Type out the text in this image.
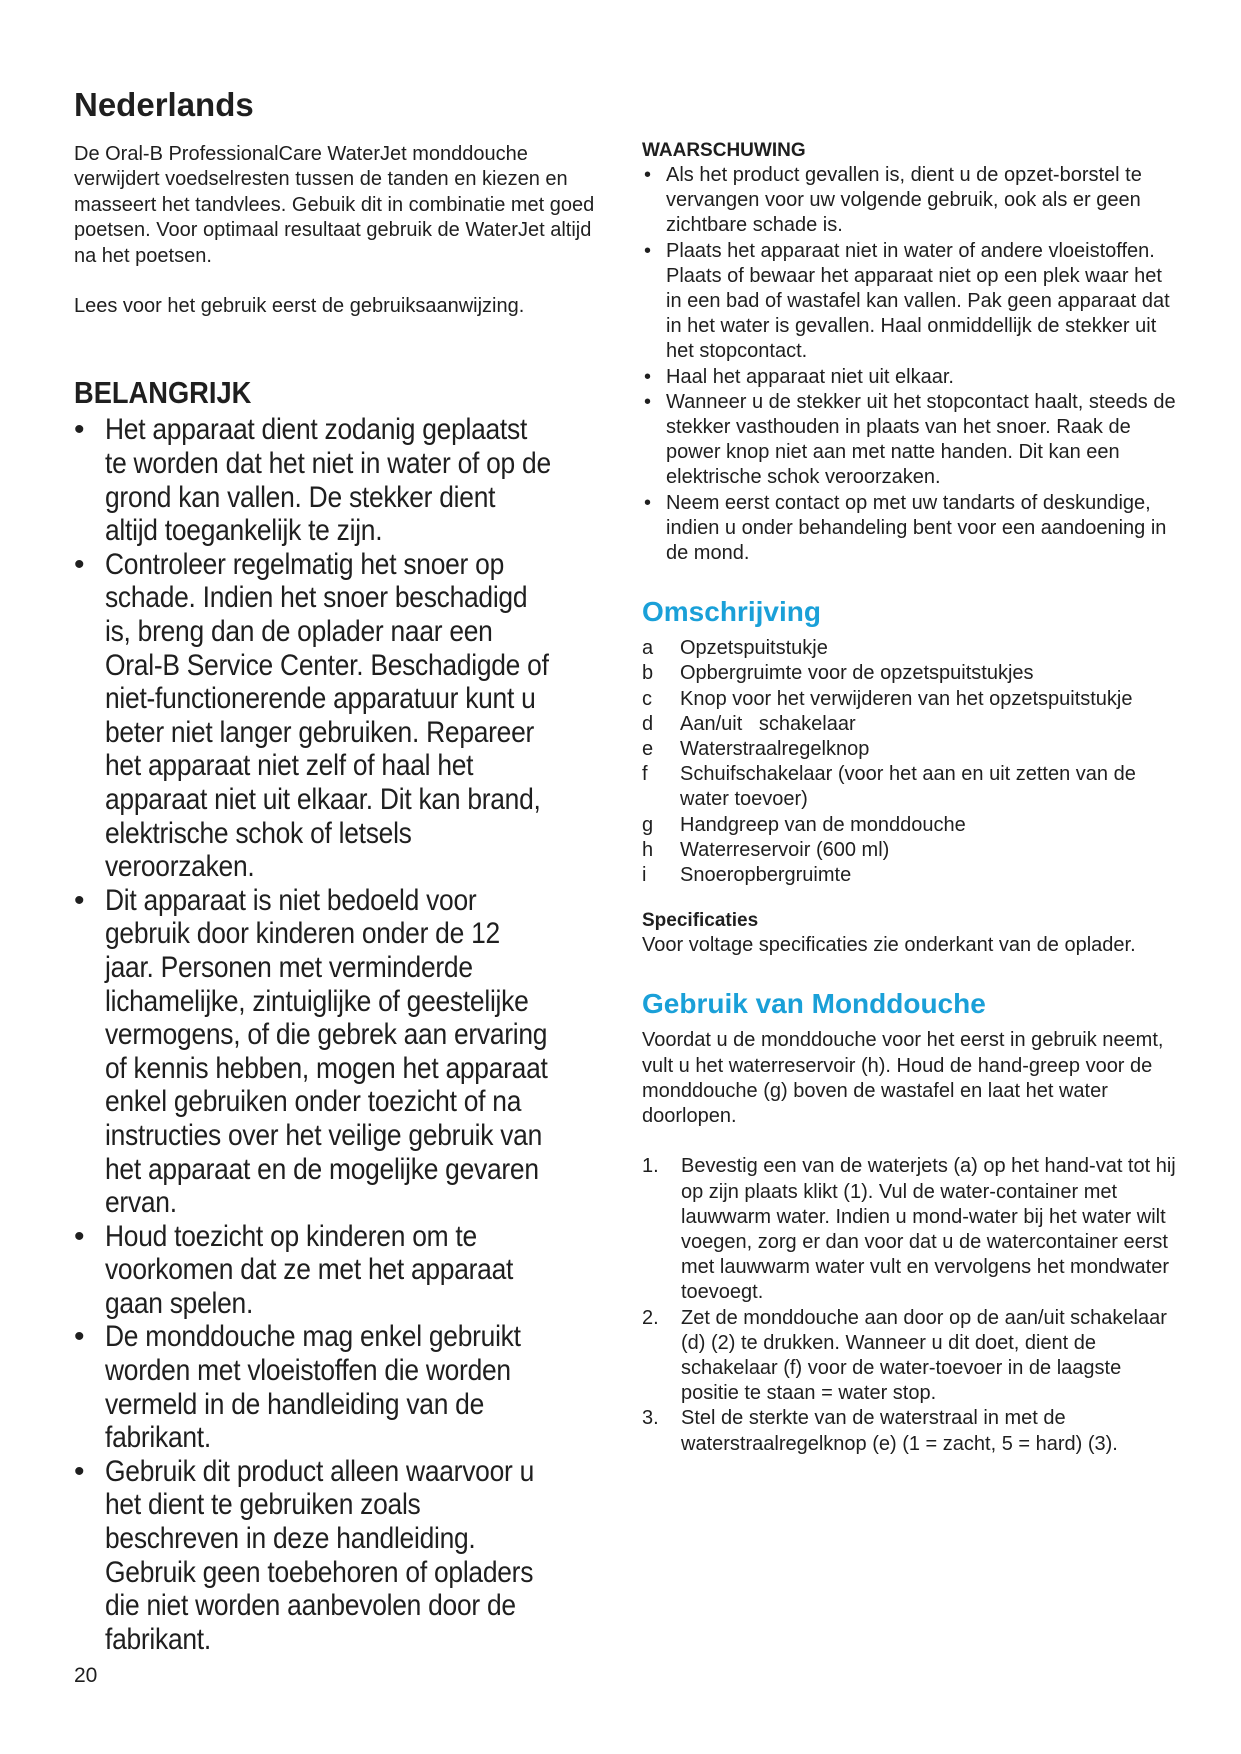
Nederlands

De Oral-B ProfessionalCare WaterJet monddouche verwijdert voedselresten tussen de tanden en kiezen en masseert het tandvlees. Gebuik dit in combinatie met goed poetsen. Voor optimaal resultaat gebruik de WaterJet altijd na het poetsen.

Lees voor het gebruik eerst de gebruiksaanwijzing.

BELANGRIJK
• Het apparaat dient zodanig geplaatst te worden dat het niet in water of op de grond kan vallen. De stekker dient altijd toegankelijk te zijn.
• Controleer regelmatig het snoer op schade. Indien het snoer beschadigd is, breng dan de oplader naar een Oral-B Service Center. Beschadigde of niet-functionerende apparatuur kunt u beter niet langer gebruiken. Repareer het apparaat niet zelf of haal het apparaat niet uit elkaar. Dit kan brand, elektrische schok of letsels veroorzaken.
• Dit apparaat is niet bedoeld voor gebruik door kinderen onder de 12 jaar. Personen met verminderde lichamelijke, zintuiglijke of geestelijke vermogens, of die gebrek aan ervaring of kennis hebben, mogen het apparaat enkel gebruiken onder toezicht of na instructies over het veilige gebruik van het apparaat en de mogelijke gevaren ervan.
• Houd toezicht op kinderen om te voorkomen dat ze met het apparaat gaan spelen.
• De monddouche mag enkel gebruikt worden met vloeistoffen die worden vermeld in de handleiding van de fabrikant.
• Gebruik dit product alleen waarvoor u het dient te gebruiken zoals beschreven in deze handleiding. Gebruik geen toebehoren of opladers die niet worden aanbevolen door de fabrikant.
20
WAARSCHUWING
• Als het product gevallen is, dient u de opzet-borstel te vervangen voor uw volgende gebruik, ook als er geen zichtbare schade is.
• Plaats het apparaat niet in water of andere vloeistoffen. Plaats of bewaar het apparaat niet op een plek waar het in een bad of wastafel kan vallen. Pak geen apparaat dat in het water is gevallen. Haal onmiddellijk de stekker uit het stopcontact.
• Haal het apparaat niet uit elkaar.
• Wanneer u de stekker uit het stopcontact haalt, steeds de stekker vasthouden in plaats van het snoer. Raak de power knop niet aan met natte handen. Dit kan een elektrische schok veroorzaken.
• Neem eerst contact op met uw tandarts of deskundige, indien u onder behandeling bent voor een aandoening in de mond.
Omschrijving
a Opzetspuitstukje
b Opbergruimte voor de opzetspuitstukjes
c Knop voor het verwijderen van het opzetspuitstukje
d Aan/uit   schakelaar
e Waterstraalregelknop
f Schuifschakelaar (voor het aan en uit zetten van de water toevoer)
g Handgreep van de monddouche
h Waterreservoir (600 ml)
i Snoeropbergruimte
Specificaties

Voor voltage specificaties zie onderkant van de oplader.

Gebruik van Monddouche

Voordat u de monddouche voor het eerst in gebruik neemt, vult u het waterreservoir (h). Houd de hand-greep voor de monddouche (g) boven de wastafel en laat het water doorlopen.

1. Bevestig een van de waterjets (a) op het hand-vat tot hij op zijn plaats klikt (1). Vul de water-container met lauwwarm water. Indien u mond-water bij het water wilt voegen, zorg er dan voor dat u de watercontainer eerst met lauwwarm water vult en vervolgens het mondwater toevoegt.
2. Zet de monddouche aan door op de aan/uit schakelaar (d) (2) te drukken. Wanneer u dit doet, dient de schakelaar (f) voor de water-toevoer in de laagste positie te staan = water stop.
3. Stel de sterkte van de waterstraal in met de waterstraalregelknop (e) (1 = zacht, 5 = hard) (3).
